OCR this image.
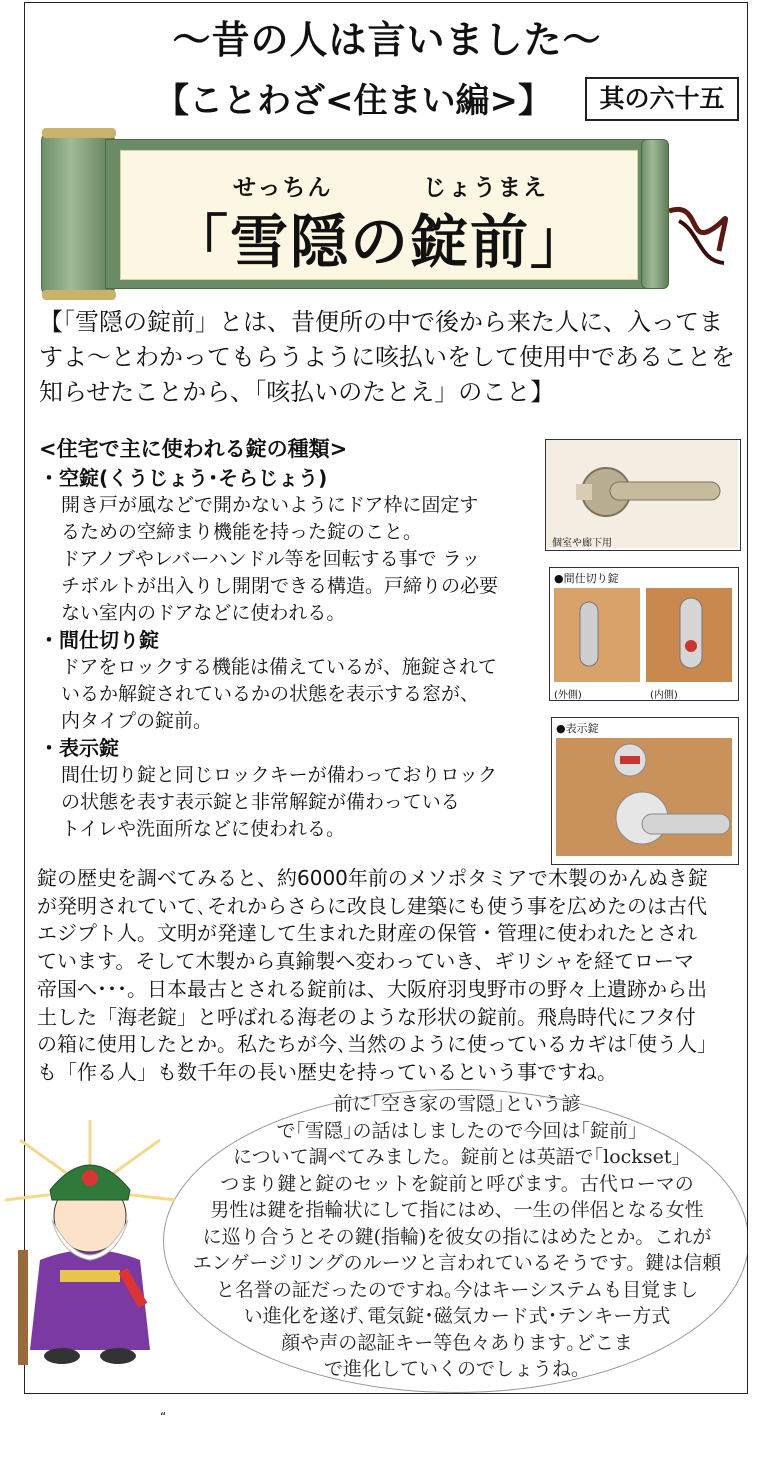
〜昔の人は言いました〜
【ことわざ<住まい編>】	其の六十五
せっちん	じょうまえ
「雪隠の錠前」
【「雪隠の錠前」とは、昔便所の中で後から来た人に、入ってますよ〜とわかってもらうように咳払いをして使用中であることを知らせたことから、「咳払いのたとえ」のこと】
<住宅で主に使われる錠の種類>
・空錠(くうじょう･そらじょう)
開き戸が風などで開かないようにドア枠に固定す
るための空締まり機能を持った錠のこと。
ドアノブやレバーハンドル等を回転する事で ラッ
チボルトが出入りし開閉できる構造。戸締りの必要
ない室内のドアなどに使われる。
・間仕切り錠
ドアをロックする機能は備えているが、施錠されて
いるか解錠されているかの状態を表示する窓が、
内タイプの錠前。
・表示錠
間仕切り錠と同じロックキーが備わっておりロック
の状態を表す表示錠と非常解錠が備わっている
トイレや洗面所などに使われる。
個室や廊下用
●間仕切り錠
(外側)	(内側)
●表示錠
錠の歴史を調べてみると、約6000年前のメソポタミアで木製のかんぬき錠
が発明されていて､それからさらに改良し建築にも使う事を広めたのは古代
エジプト人。文明が発達して生まれた財産の保管・管理に使われたとされ
ています。そして木製から真鍮製へ変わっていき、ギリシャを経てローマ
帝国へ･･･。日本最古とされる錠前は、大阪府羽曳野市の野々上遺跡から出
土した「海老錠」と呼ばれる海老のような形状の錠前。飛鳥時代にフタ付
の箱に使用したとか。私たちが今､当然のように使っているカギは｢使う人｣
も「作る人」も数千年の長い歴史を持っているという事ですね。
前に｢空き家の雪隠｣という諺
で｢雪隠｣の話はしましたので今回は｢錠前｣
について調べてみました。錠前とは英語で｢lockset｣
つまり鍵と錠のセットを錠前と呼びます。古代ローマの
男性は鍵を指輪状にして指にはめ、一生の伴侶となる女性
に巡り合うとその鍵(指輪)を彼女の指にはめたとか。これが
エンゲージリングのルーツと言われているそうです。鍵は信頼
と名誉の証だったのですね｡今はキーシステムも目覚まし
い進化を遂げ､電気錠･磁気カード式･テンキー方式
顔や声の認証キー等色々あります｡どこま
で進化していくのでしょうね。
“
